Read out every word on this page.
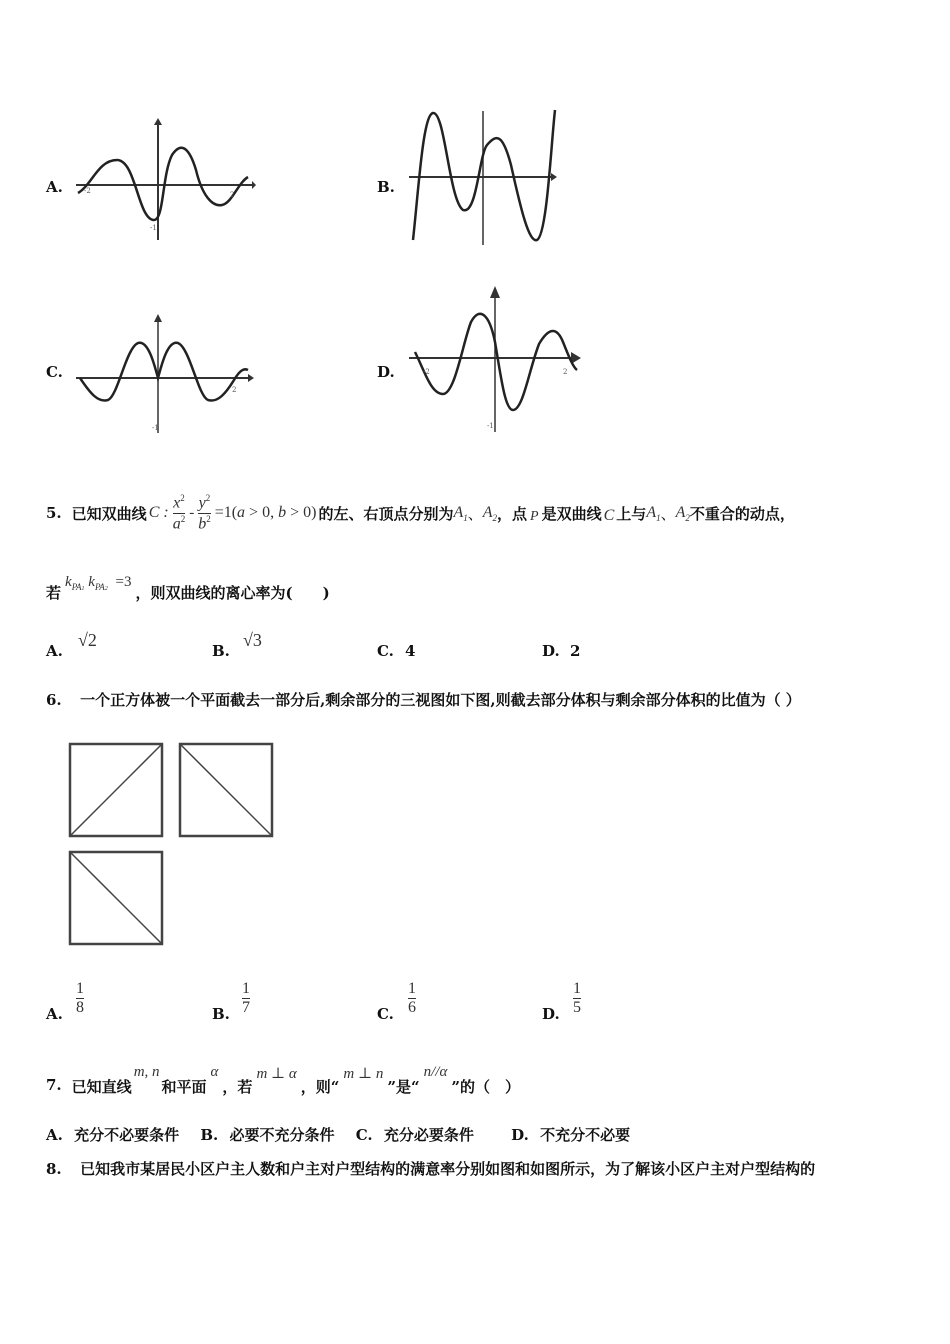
A.	-2	2
-1
B.
C.
-1
2
D.	-2	2
-1
5. 已知双曲线 C : $\frac{x^2}{a^2} - \frac{y^2}{b^2} =1(a > 0$, b > 0) 的左、右顶点分别为 $A_1$ 、 $A_2$ ，点 P 是双曲线 C 上与 $A_1$ 、 $A_2$ 不重合的动点，
若
$k_{PA1}$ $k_{PA2} =3$
，则双曲线的离心率为(　　)
A.
√2
B.
√3
C. 4	D. 2
6. 一个正方体被一个平面截去一部分后,剩余部分的三视图如下图,则截去部分体积与剩余部分体积的比值为（ ）
A.
1
8	B.
1
7	C.
1
6	D.
1
5
7. 已知直线
m, n
和平面
α
，若
m ⊥ α
，则“
m ⊥ n
”是“
n//α
”的（　）
A. 充分不必要条件 B. 必要不充分条件 C. 充分必要条件 D. 不充分不必要
8. 已知我市某居民小区户主人数和户主对户型结构的满意率分别如图和如图所示，为了解该小区户主对户型结构的
